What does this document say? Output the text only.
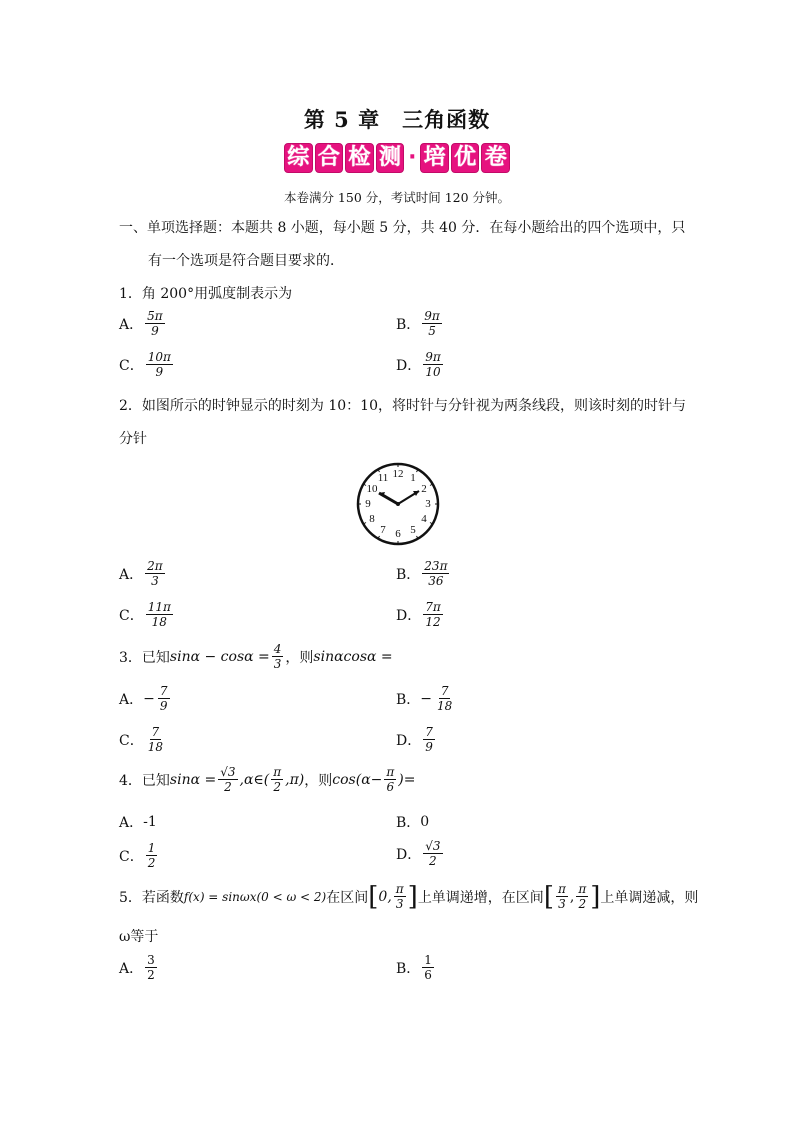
第 5 章　三角函数
综 合 检 测 · 培 优 卷
本卷满分 150 分，考试时间 120 分钟。
一、单项选择题：本题共 8 小题，每小题 5 分，共 40 分．在每小题给出的四个选项中，只
有一个选项是符合题目要求的．
1．角 200°用弧度制表示为
A． $\frac{5\pi}{9}$	B． $\frac{9\pi}{5}$
C． $\frac{10\pi}{9}$	D． $\frac{9\pi}{10}$
2．如图所示的时钟显示的时刻为 10：10，将时针与分针视为两条线段，则该时刻的时针与
分针
12 1
2
3
4
5
6
7
8
9
10
11
A． $\frac{2\pi}{3}$	B． $\frac{23\pi}{36}$
C． $\frac{11\pi}{18}$	D． $\frac{7\pi}{12}$
3．已知 $\sin\alpha - \cos\alpha = \frac{4}{3}$ ，则 sinαcosα =
A． − $\frac{7}{9}$	B． − $\frac{7}{18}$
C． $\frac{7}{18}$	D． $\frac{7}{9}$
4．已知 $\sin\alpha = \frac{√3}{2}$ ,α∈( $\frac{\pi}{2} ,\pi$) ，则 $\cos(\alpha- \frac{\pi}{6}$ )=
A． -1	B． 0
C． $\frac{1}{2}$	D． $\frac{√3}{2}$
5．若函数 f(x) = sinωx(0 < ω < 2) 在区间 [ 0, $\frac{\pi}{3}$ ] 上单调递增，在区间 [ $\frac{\pi}{3}$ , $\frac{\pi}{2}$ ] 上单调递减，则
ω等于
A． $\frac{3}{2}$	B． $\frac{1}{6}$
